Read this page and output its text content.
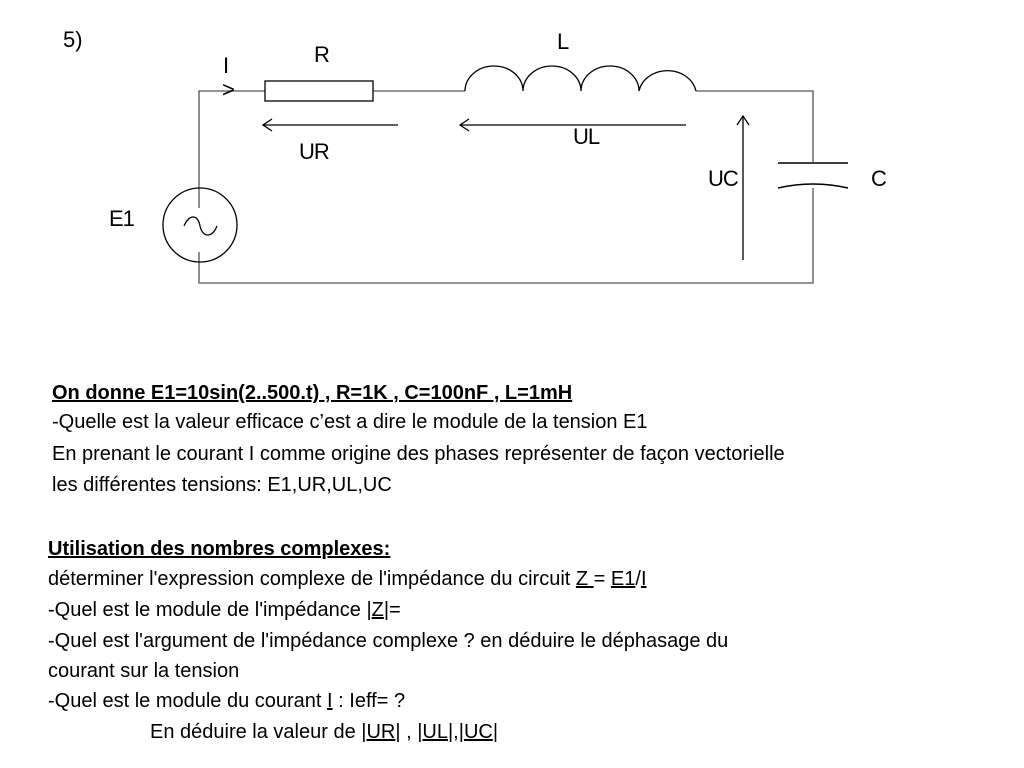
5)
I
>
R
L
UR
UL
UC	C
E1
On donne E1=10sin(2..500.t) , R=1K , C=100nF , L=1mH
-Quelle est la valeur efficace c’est a dire le module de la tension E1
En prenant le courant I comme origine des phases représenter de façon vectorielle
les différentes tensions: E1,UR,UL,UC
Utilisation des nombres complexes:
déterminer l'expression complexe de l'impédance du circuit Z = E1/I
-Quel est le module de l'impédance |Z|=
-Quel est l'argument de l'impédance complexe ? en déduire le déphasage du
courant sur la tension
-Quel est le module du courant I : Ieff= ?
En déduire la valeur de |UR| , |UL|,|UC|
